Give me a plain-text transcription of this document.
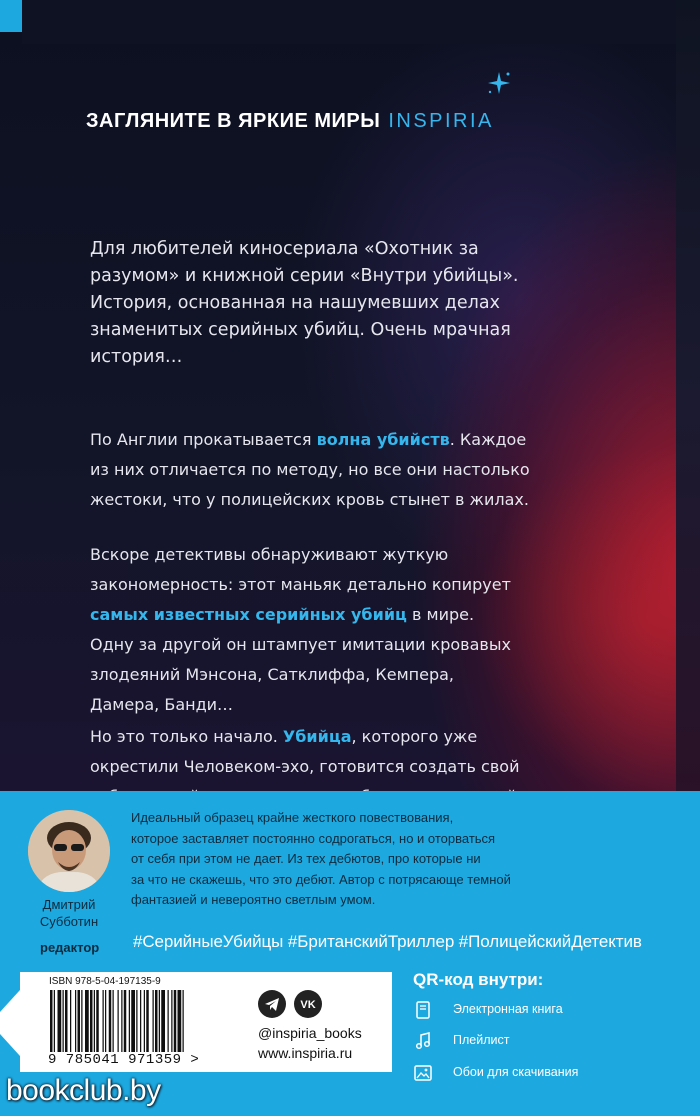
ЗАГЛЯНИТЕ В ЯРКИЕ МИРЫ INSPIRIA
Для любителей киносериала «Охотник за
разумом» и книжной серии «Внутри убийцы».
История, основанная на нашумевших делах
знаменитых серийных убийц. Очень мрачная
история…
По Англии прокатывается волна убийств. Каждое
из них отличается по методу, но все они настолько
жестоки, что у полицейских кровь стынет в жилах.
Вскоре детективы обнаруживают жуткую
закономерность: этот маньяк детально копирует
самых известных серийных убийц в мире.
Одну за другой он штампует имитации кровавых
злодеяний Мэнсона, Сатклиффа, Кемпера,
Дамера, Банди…
Но это только начало. Убийца, которого уже
окрестили Человеком-эхо, готовится создать свой
Дмитрий
Субботин
редактор
Идеальный образец крайне жесткого повествования,
которое заставляет постоянно содрогаться, но и оторваться
от себя при этом не дает. Из тех дебютов, про которые ни
за что не скажешь, что это дебют. Автор с потрясающе темной
фантазией и невероятно светлым умом.
#СерийныеУбийцы #БританскийТриллер #ПолицейскийДетектив
ISBN 978-5-04-197135-9
9 785041 971359 >
VK
@inspiria_books
www.inspiria.ru
QR-код внутри:
Электронная книга
Плейлист
Обои для скачивания
bookclub.by
